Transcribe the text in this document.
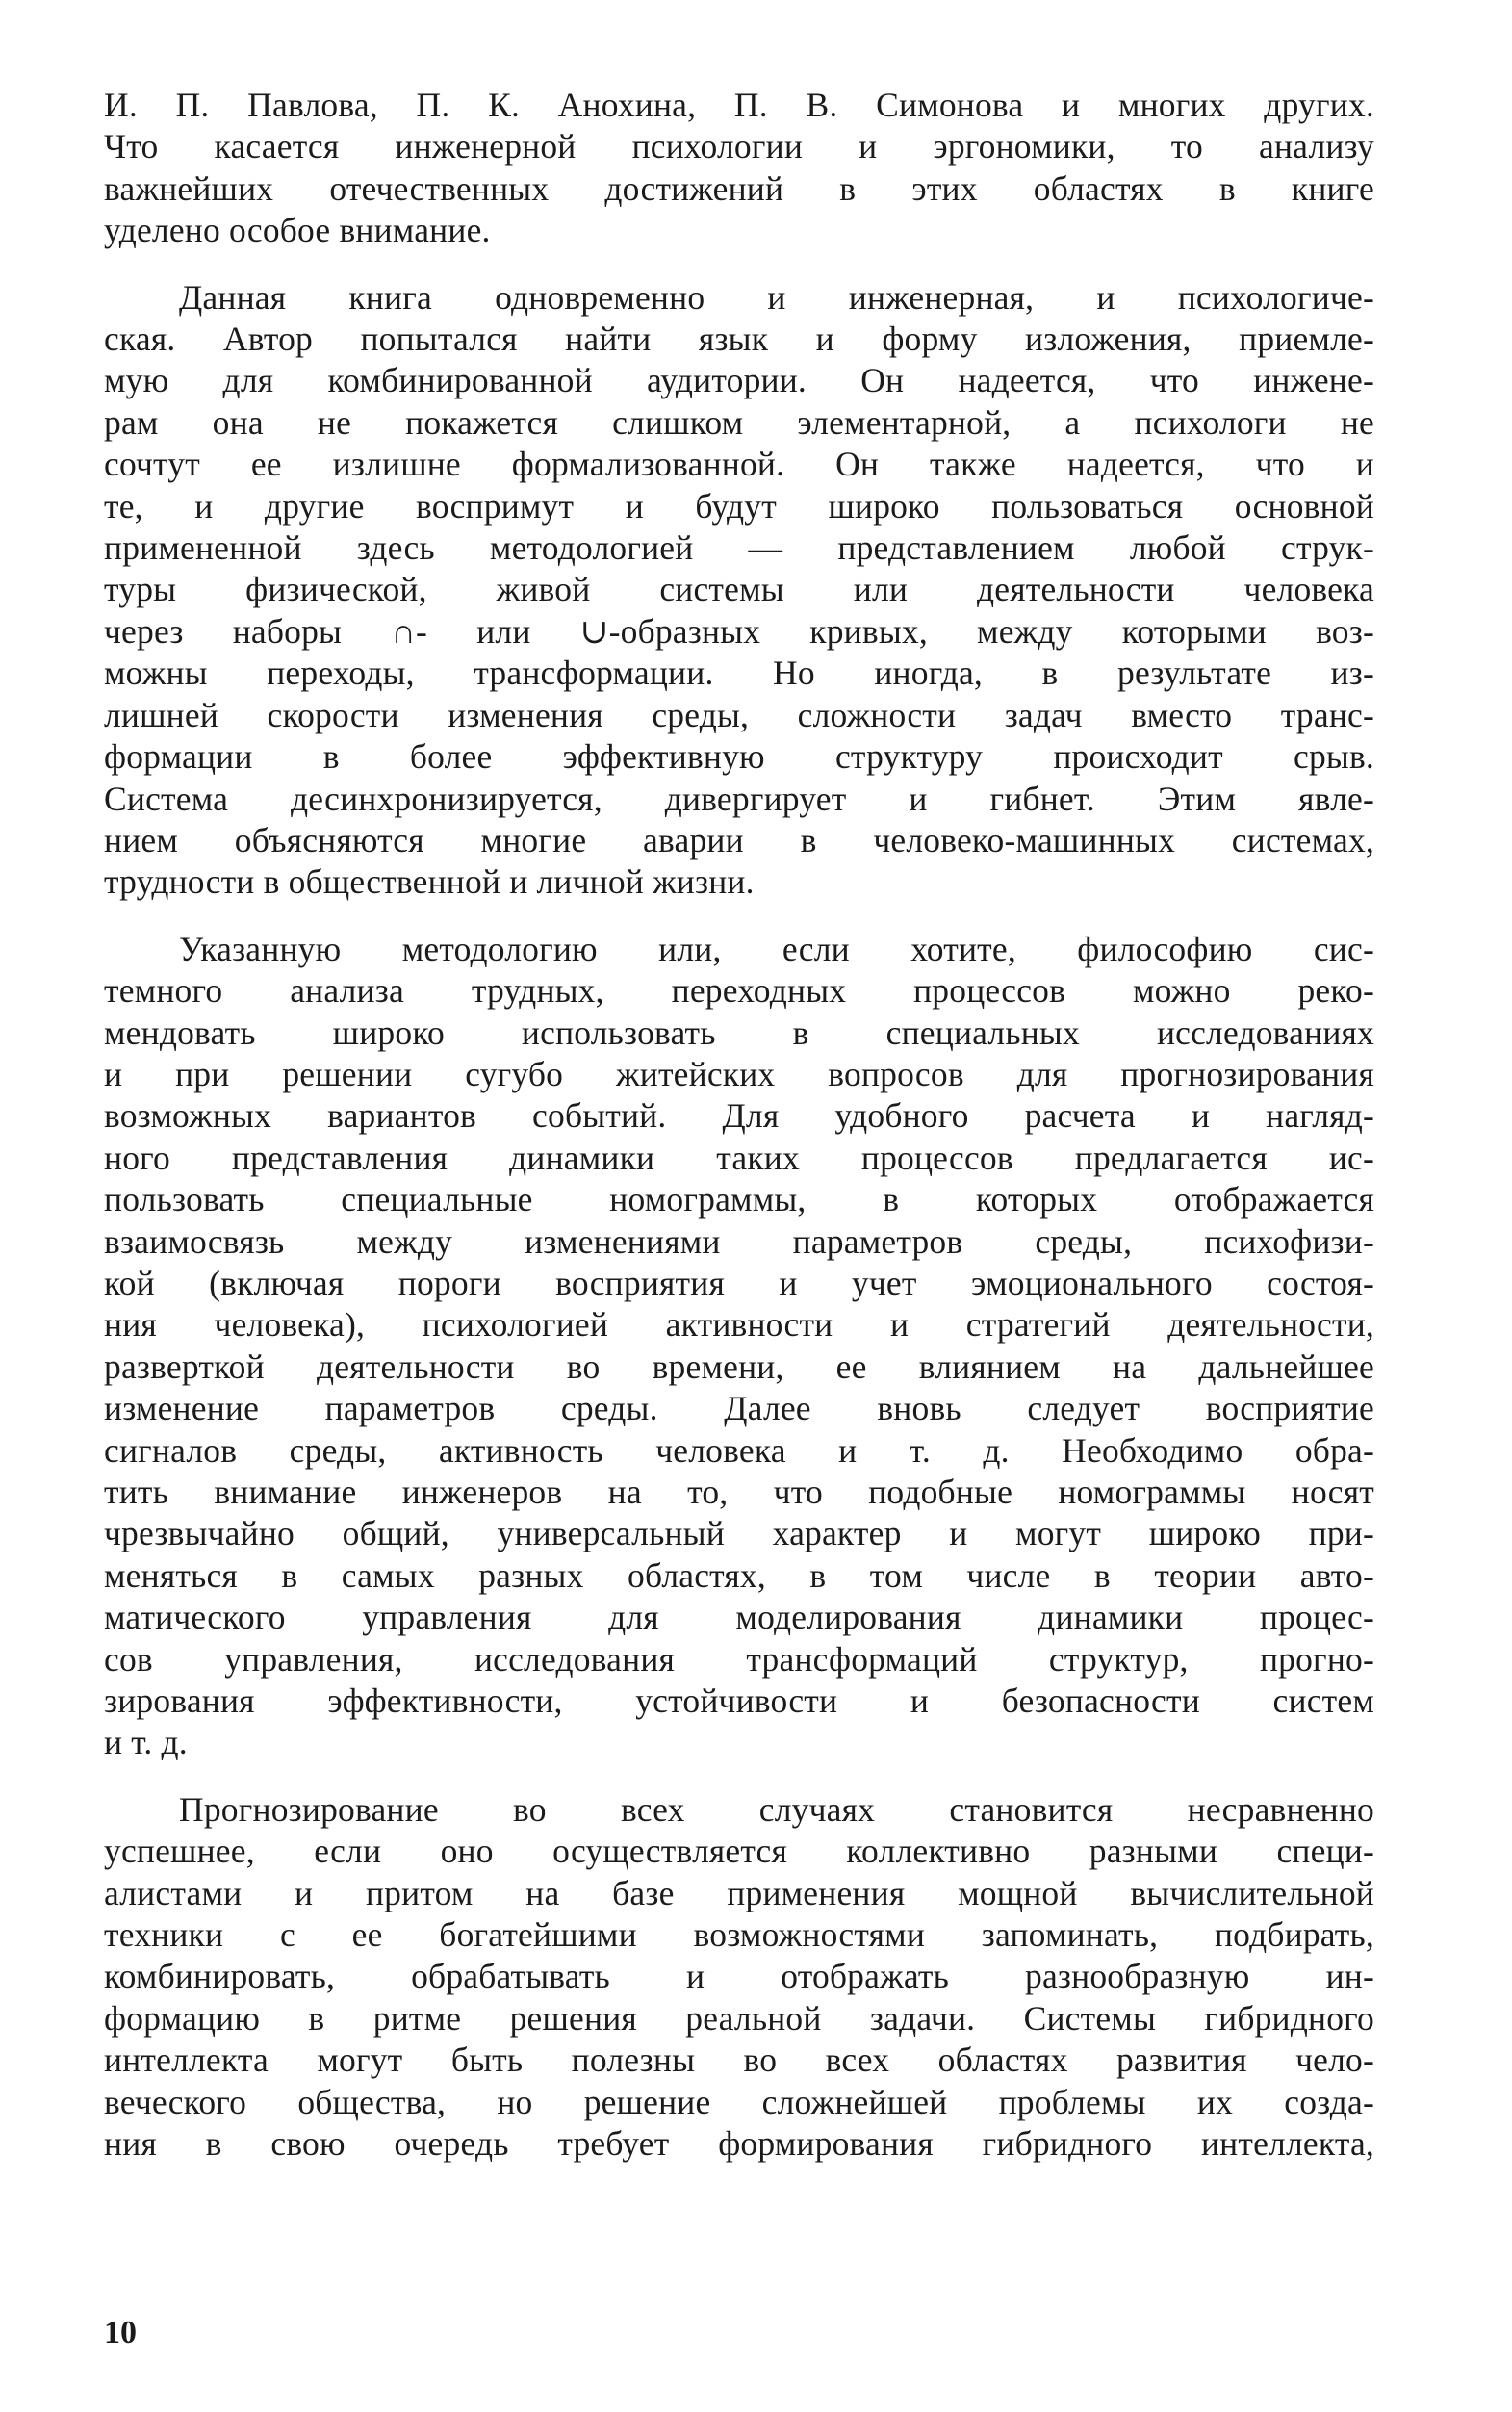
И. П. Павлова, П. К. Анохина, П. В. Симонова и многих других.
Что касается инженерной психологии и эргономики, то анализу
важнейших отечественных достижений в этих областях в книге
уделено особое внимание.

Данная книга одновременно и инженерная, и психологиче-
ская. Автор попытался найти язык и форму изложения, приемле-
мую для комбинированной аудитории. Он надеется, что инжене-
рам она не покажется слишком элементарной, а психологи не
сочтут ее излишне формализованной. Он также надеется, что и
те, и другие воспримут и будут широко пользоваться основной
примененной здесь методологией — представлением любой струк-
туры физической, живой системы или деятельности человека
через наборы ∩- или ∪-образных кривых, между которыми воз-
можны переходы, трансформации. Но иногда, в результате из-
лишней скорости изменения среды, сложности задач вместо транс-
формации в более эффективную структуру происходит срыв.
Система десинхронизируется, дивергирует и гибнет. Этим явле-
нием объясняются многие аварии в человеко-машинных системах,
трудности в общественной и личной жизни.

Указанную методологию или, если хотите, философию сис-
темного анализа трудных, переходных процессов можно реко-
мендовать широко использовать в специальных исследованиях
и при решении сугубо житейских вопросов для прогнозирования
возможных вариантов событий. Для удобного расчета и нагляд-
ного представления динамики таких процессов предлагается ис-
пользовать специальные номограммы, в которых отображается
взаимосвязь между изменениями параметров среды, психофизи-
кой (включая пороги восприятия и учет эмоционального состоя-
ния человека), психологией активности и стратегий деятельности,
разверткой деятельности во времени, ее влиянием на дальнейшее
изменение параметров среды. Далее вновь следует восприятие
сигналов среды, активность человека и т. д. Необходимо обра-
тить внимание инженеров на то, что подобные номограммы носят
чрезвычайно общий, универсальный характер и могут широко при-
меняться в самых разных областях, в том числе в теории авто-
матического управления для моделирования динамики процес-
сов управления, исследования трансформаций структур, прогно-
зирования эффективности, устойчивости и безопасности систем
и т. д.

Прогнозирование во всех случаях становится несравненно
успешнее, если оно осуществляется коллективно разными специ-
алистами и притом на базе применения мощной вычислительной
техники с ее богатейшими возможностями запоминать, подбирать,
комбинировать, обрабатывать и отображать разнообразную ин-
формацию в ритме решения реальной задачи. Системы гибридного
интеллекта могут быть полезны во всех областях развития чело-
веческого общества, но решение сложнейшей проблемы их созда-
ния в свою очередь требует формирования гибридного интеллекта,

10
